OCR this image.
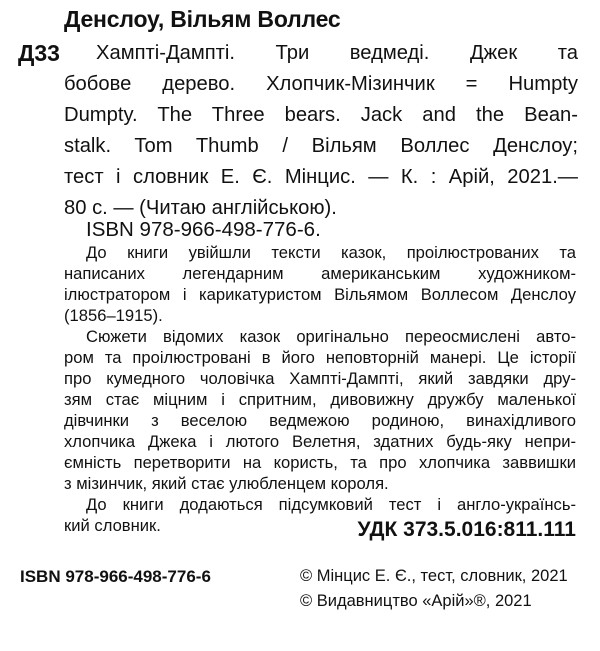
Денслоу, Вільям Воллес
Д33 Хампті-Дампті. Три ведмеді. Джек та
бобове дерево. Хлопчик-Мізинчик = Humpty
Dumpty. The Three bears. Jack and the Bean-
stalk. Tom Thumb / Вільям Воллес Денслоу;
тест і словник Е. Є. Мінцис. — К. : Арій, 2021.—
80 с. — (Читаю англійською).
ISBN 978-966-498-776-6.
До книги увійшли тексти казок, проілюстрованих та
написаних легендарним американським художником-
ілюстратором і карикатуристом Вільямом Воллесом Денслоу
(1856–1915).
Сюжети відомих казок оригінально переосмислені авто-
ром та проілюстровані в його неповторній манері. Це історії
про кумедного чоловічка Хампті-Дампті, який завдяки дру-
зям стає міцним і спритним, дивовижну дружбу маленької
дівчинки з веселою ведмежою родиною, винахідливого
хлопчика Джека і лютого Велетня, здатних будь-яку непри-
ємність перетворити на користь, та про хлопчика заввишки
з мізинчик, який стає улюбленцем короля.
До книги додаються підсумковий тест і англо-українсь-
кий словник.	УДК 373.5.016:811.111
ISBN 978-966-498-776-6	© Мінцис Е. Є., тест, словник, 2021
© Видавництво «Арій»®, 2021
